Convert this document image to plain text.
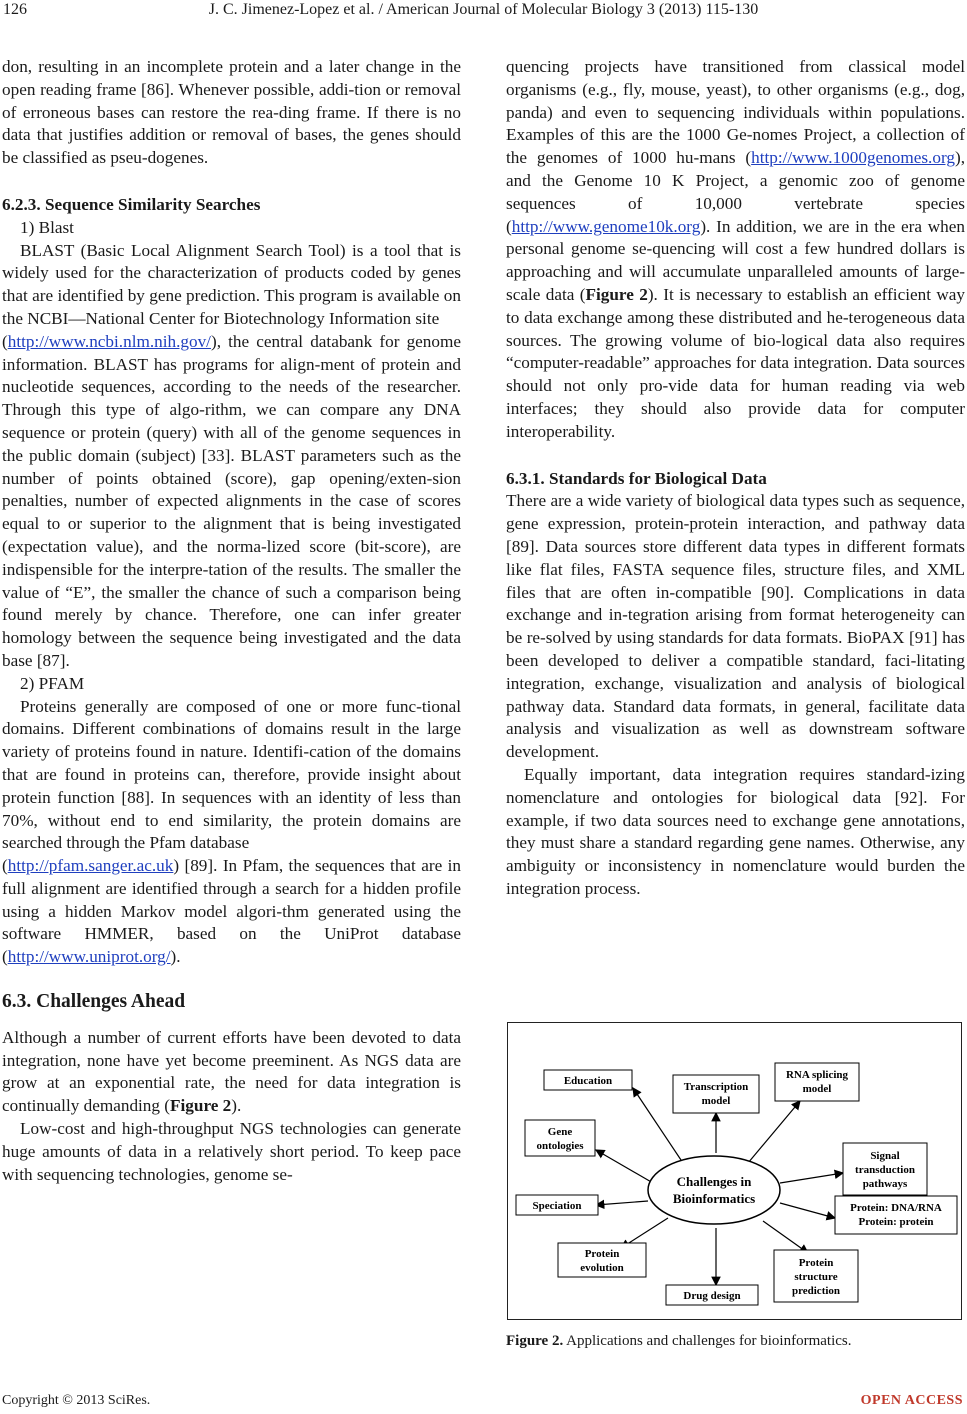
126	J. C. Jimenez-Lopez et al. / American Journal of Molecular Biology 3 (2013) 115-130

don, resulting in an incomplete protein and a later change in the open reading frame [86]. Whenever possible, addi-tion or removal of erroneous bases can restore the rea-ding frame. If there is no data that justifies addition or removal of bases, the genes should be classified as pseu-dogenes.

6.2.3. Sequence Similarity Searches

1) Blast

BLAST (Basic Local Alignment Search Tool) is a tool that is widely used for the characterization of products coded by genes that are identified by gene prediction. This program is available on the NCBI—National Center for Biotechnology Information site

(http://www.ncbi.nlm.nih.gov/), the central databank for genome information. BLAST has programs for align-ment of protein and nucleotide sequences, according to the needs of the researcher. Through this type of algo-rithm, we can compare any DNA sequence or protein (query) with all of the genome sequences in the public domain (subject) [33]. BLAST parameters such as the number of points obtained (score), gap opening/exten-sion penalties, number of expected alignments in the case of scores equal to or superior to the alignment that is being investigated (expectation value), and the norma-lized score (bit-score), are indispensible for the interpre-tation of the results. The smaller the value of “E”, the smaller the chance of such a comparison being found merely by chance. Therefore, one can infer greater homology between the sequence being investigated and the data base [87].

2) PFAM

Proteins generally are composed of one or more func-tional domains. Different combinations of domains result in the large variety of proteins found in nature. Identifi-cation of the domains that are found in proteins can, therefore, provide insight about protein function [88]. In sequences with an identity of less than 70%, without end to end similarity, the protein domains are searched through the Pfam database

(http://pfam.sanger.ac.uk) [89]. In Pfam, the sequences that are in full alignment are identified through a search for a hidden profile using a hidden Markov model algori-thm generated using the software HMMER, based on the UniProt database (http://www.uniprot.org/).

6.3. Challenges Ahead

Although a number of current efforts have been devoted to data integration, none have yet become preeminent. As NGS data are grow at an exponential rate, the need for data integration is continually demanding (Figure 2).

Low-cost and high-throughput NGS technologies can generate huge amounts of data in a relatively short period. To keep pace with sequencing technologies, genome se-

quencing projects have transitioned from classical model organisms (e.g., fly, mouse, yeast), to other organisms (e.g., dog, panda) and even to sequencing individuals within populations. Examples of this are the 1000 Ge-nomes Project, a collection of the genomes of 1000 hu-mans (http://www.1000genomes.org), and the Genome 10 K Project, a genomic zoo of genome sequences of 10,000 vertebrate species (http://www.genome10k.org). In addition, we are in the era when personal genome se-quencing will cost a few hundred dollars is approaching and will accumulate unparalleled amounts of large-scale data (Figure 2). It is necessary to establish an efficient way to data exchange among these distributed and he-terogeneous data sources. The growing volume of bio-logical data also requires “computer-readable” approaches for data integration. Data sources should not only pro-vide data for human reading via web interfaces; they should also provide data for computer interoperability.

6.3.1. Standards for Biological Data

There are a wide variety of biological data types such as sequence, gene expression, protein-protein interaction, and pathway data [89]. Data sources store different data types in different formats like flat files, FASTA sequence files, structure files, and XML files that are often in-compatible [90]. Complications in data exchange and in-tegration arising from format heterogeneity can be re-solved by using standards for data formats. BioPAX [91] has been developed to deliver a compatible standard, faci-litating integration, exchange, visualization and analysis of biological pathway data. Standard data formats, in general, facilitate data analysis and visualization as well as downstream software development.

Equally important, data integration requires standard-izing nomenclature and ontologies for biological data [92]. For example, if two data sources need to exchange gene annotations, they must share a standard regarding gene names. Otherwise, any ambiguity or inconsistency in nomenclature would burden the integration process.

Challenges in
Bioinformatics
Transcription
model
Education	RNA splicing
model
Gene
ontologies
Signal
transduction
pathways
Speciation	Protein: DNA/RNA
Protein: protein
Protein
evolution	Protein
structure
prediction
Drug design
Figure 2. Applications and challenges for bioinformatics.
Copyright © 2013 SciRes.	OPEN ACCESS
